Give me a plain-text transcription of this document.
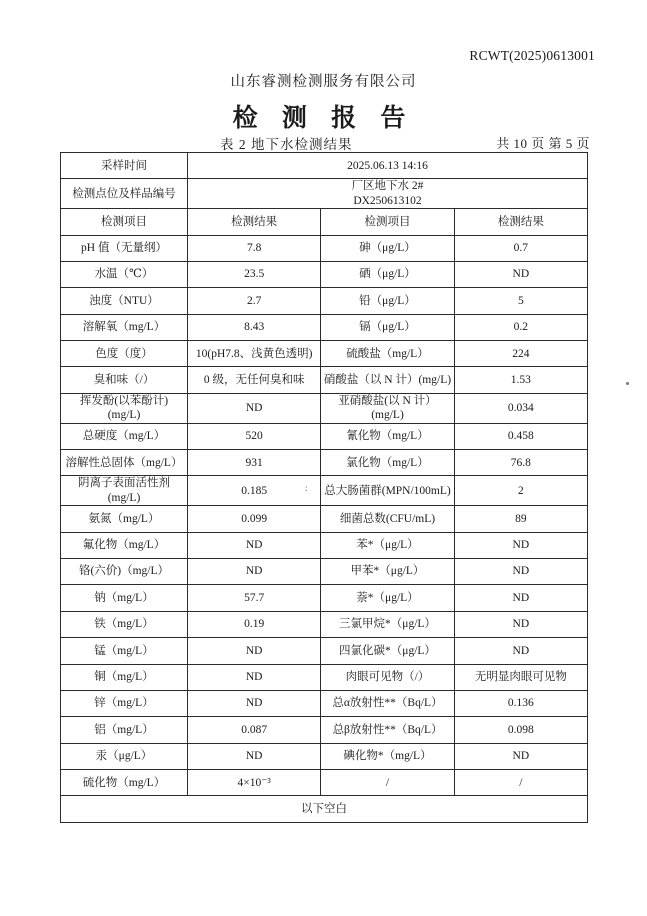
RCWT(2025)0613001
山东睿测检测服务有限公司
检 测 报 告
表 2 地下水检测结果	共 10 页 第 5 页
:
采样时间	2025.06.13 14:16		
检测点位及样品编号	厂区地下水 2#
DX250613102		

检测项目	检测结果	检测项目	检测结果
pH 值（无量纲）	7.8	砷（μg/L）	0.7
水温（℃）	23.5	硒（μg/L）	ND
浊度（NTU）	2.7	铅（μg/L）	5
溶解氧（mg/L）	8.43	镉（μg/L）	0.2
色度（度）	10(pH7.8、浅黄色透明)	硫酸盐（mg/L）	224
臭和味（/）	0 级，无任何臭和味	硝酸盐（以 N 计）(mg/L)	1.53
挥发酚(以苯酚计) (mg/L)	ND	亚硝酸盐(以 N 计）(mg/L)	0.034
总硬度（mg/L）	520	氰化物（mg/L）	0.458
溶解性总固体（mg/L）	931	氯化物（mg/L）	76.8
阴离子表面活性剂(mg/L)	0.185	总大肠菌群(MPN/100mL)	2
氨氮（mg/L）	0.099	细菌总数(CFU/mL)	89
氟化物（mg/L）	ND	苯*（μg/L）	ND
铬(六价)（mg/L）	ND	甲苯*（μg/L）	ND
钠（mg/L）	57.7	萘*（μg/L）	ND
铁（mg/L）	0.19	三氯甲烷*（μg/L）	ND
锰（mg/L）	ND	四氯化碳*（μg/L）	ND
铜（mg/L）	ND	肉眼可见物（/）	无明显肉眼可见物
锌（mg/L）	ND	总α放射性**（Bq/L）	0.136
铝（mg/L）	0.087	总β放射性**（Bq/L）	0.098
汞（μg/L）	ND	碘化物*（mg/L）	ND
硫化物（mg/L）	4×10⁻³	/	/
以下空白			
